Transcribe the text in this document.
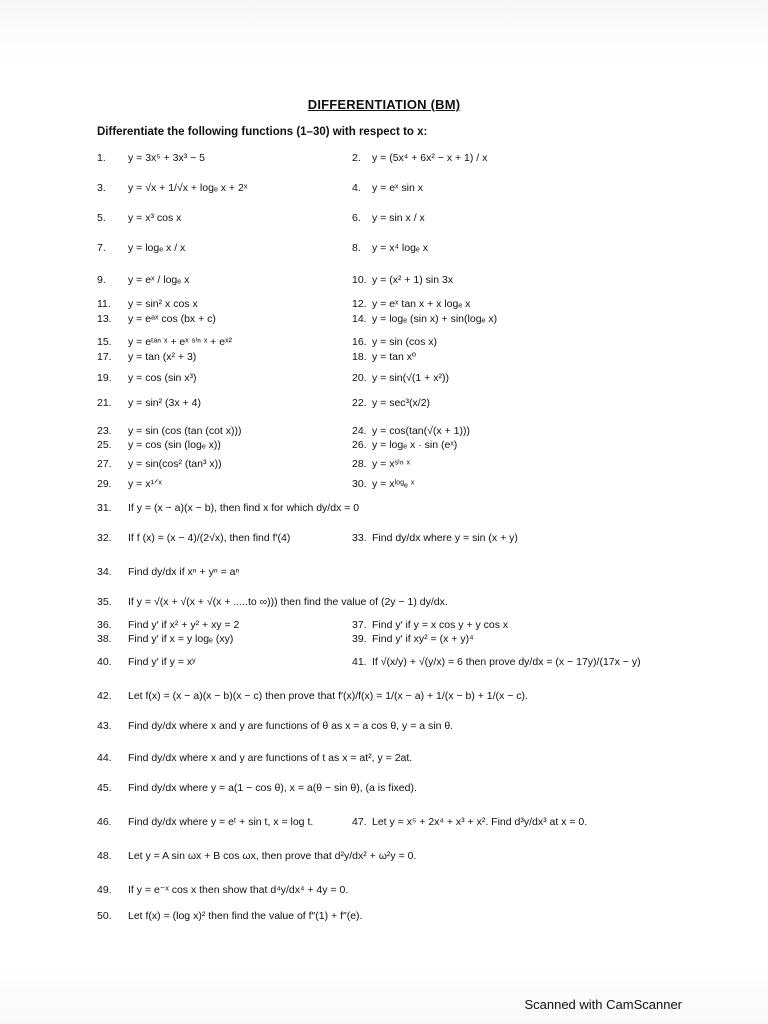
DIFFERENTIATION (BM)
Differentiate the following functions (1–30) with respect to x:
1. y = 3x⁵ + 3x³ − 5	2. y = (5x⁴ + 6x² − x + 1) / x
3. y = √x + 1/√x + logₑ x + 2ˣ	4. y = eˣ sin x
5. y = x³ cos x	6. y = sin x / x
7. y = logₑ x / x	8. y = x⁴ logₑ x
9. y = eˣ / logₑ x	10. y = (x² + 1) sin 3x
11. y = sin² x cos x	12. y = eˣ tan x + x logₑ x
13. y = eᵃˣ cos (bx + c)	14. y = logₑ (sin x) + sin(logₑ x)
15. y = eᵗᵃⁿ ˣ + eˣ ˢⁱⁿ ˣ + eˣ²	16. y = sin (cos x)
17. y = tan (x² + 3)	18. y = tan xº
19. y = cos (sin x³)	20. y = sin(√(1 + x²))
21. y = sin² (3x + 4)	22. y = sec³(x/2)
23. y = sin (cos (tan (cot x)))	24. y = cos(tan(√(x + 1)))
25. y = cos (sin (logₑ x))	26. y = logₑ x · sin (eˣ)
27. y = sin(cos² (tan³ x))	28. y = xˢⁱⁿ ˣ
29. y = x¹ᐟˣ	30. y = xˡᵒᵍₑ ˣ
31. If y = (x − a)(x − b), then find x for which dy/dx = 0
32. If f (x) = (x − 4)/(2√x), then find f′(4)	33. Find dy/dx where y = sin (x + y)
34. Find dy/dx if xⁿ + yⁿ = aⁿ
35. If y = √(x + √(x + √(x + .....to ∞))) then find the value of (2y − 1) dy/dx.
36. Find y′ if x² + y² + xy = 2	37. Find y′ if y = x cos y + y cos x
38. Find y′ if x = y logₑ (xy)	39. Find y′ if xy² = (x + y)⁴
40. Find y′ if y = xʸ	41. If √(x/y) + √(y/x) = 6 then prove dy/dx = (x − 17y)/(17x − y)
42. Let f(x) = (x − a)(x − b)(x − c) then prove that f′(x)/f(x) = 1/(x − a) + 1/(x − b) + 1/(x − c).
43. Find dy/dx where x and y are functions of θ as x = a cos θ, y = a sin θ.
44. Find dy/dx where x and y are functions of t as x = at², y = 2at.
45. Find dy/dx where y = a(1 − cos θ), x = a(θ − sin θ), (a is fixed).
46. Find dy/dx where y = eᵗ + sin t, x = log t.	47. Let y = x⁵ + 2x⁴ + x³ + x². Find d³y/dx³ at x = 0.
48. Let y = A sin ωx + B cos ωx, then prove that d²y/dx² + ω²y = 0.
49. If y = e⁻ˣ cos x then show that d⁴y/dx⁴ + 4y = 0.
50. Let f(x) = (log x)² then find the value of f″(1) + f″(e).
Scanned with CamScanner
